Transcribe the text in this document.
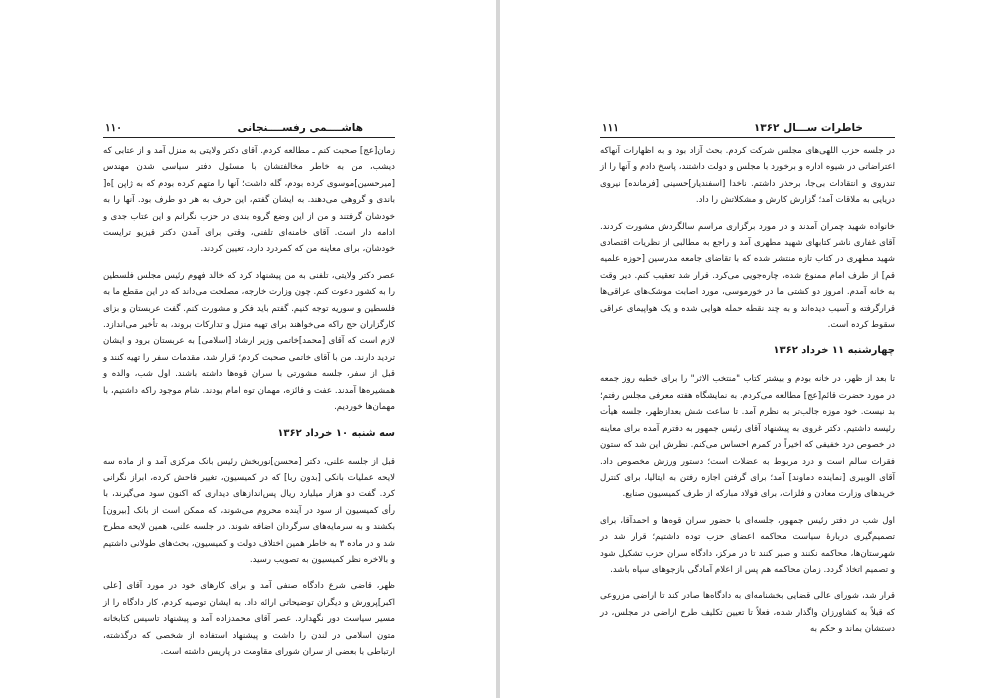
هاشــــمی رفســــنجانی
۱۱۰

زمان[عج] صحبت کنم ـ مطالعه کردم. آقای دکتر ولایتی به منزل آمد و از عتابی که دیشب، من به خاطر مخالفتشان با مسئول دفتر سیاسی شدن مهندس [میرحسین]موسوی کرده بودم، گله داشت؛ آنها را متهم کرده بودم که به ژاپن ]ه[ باندی و گروهی می‌دهند. به ایشان گفتم، این حرف به هر دو طرف بود. آنها را به خودشان گرفتند و من از این وضع گروه بندی در حزب نگرانم و این عتاب جدی و ادامه دار است. آقای خامنه‌ای تلفنی، وقتی برای آمدن دکتر قیزیو ترایست خودشان، برای معاینه من که کمردرد دارد، تعیین کردند.

عصر دکتر ولایتی، تلفنی به من پیشنهاد کرد که خالد فهوم رئیس مجلس فلسطین را به کشور دعوت کنم. چون وزارت خارجه، مصلحت می‌داند که در این مقطع ما به فلسطین و سوریه توجه کنیم. گفتم باید فکر و مشورت کنم. گفت عربستان و بزای کارگزاران حج راکه می‌خواهند برای تهیه منزل و تدارکات بروند، به تأخیر می‌اندازد. لازم است که آقای [محمد]خاتمی وزیر ارشاد [اسلامی] به عربستان برود و ایشان تردید دارند. من با آقای خاتمی صحبت کردم؛ قرار شد، مقدمات سفر را تهیه کنند و قبل از سفر، جلسه مشورتی با سران قوه‌ها داشته باشند. اول شب، والده و همشیره‌ها آمدند. عفت و فائزه، مهمان توه امام بودند. شام موجود راکه داشتیم، با مهمان‌ها خوردیم.

سه شنبه ۱۰ خرداد ۱۳۶۲

قبل از جلسه علنی، دکتر [محسن]نوربخش رئیس بانک مرکزی آمد و از ماده سه لایحه عملیات بانکی [بدون ربا] که در کمیسیون، تغییر فاحش کرده، ابراز نگرانی کرد. گفت دو هزار میلیارد ریال پس‌اندازهای دیداری که اکنون سود می‌گیرند، با رأی کمیسیون از سود در آینده محروم می‌شوند، که ممکن است از بانک [بیرون] بکشند و به سرمایه‌های سرگردان اضافه شوند. در جلسه علنی، همین لایحه مطرح شد و در ماده ۳ به خاطر همین اختلاف دولت و کمیسیون، بحث‌های طولانی داشتیم و بالاخره نظر کمیسیون به تصویب رسید.

ظهر، قاضی شرع دادگاه صنفی آمد و برای کارهای خود در مورد آقای [علی اکبر]پرورش و دیگران توضیحاتی ارائه داد. به ایشان توصیه کردم، کار دادگاه را از مسیر سیاست دور نگهدارد. عصر آقای محمدزاده آمد و پیشنهاد تاسیس کتابخانه متون اسلامی در لندن را داشت و پیشنهاد استفاده از شخصی که درگذشته، ارتباطی با بعضی از سران شورای مقاومت در پاریس داشته است.

خاطرات ســـال ۱۳۶۲
۱۱۱

در جلسه حزب اللهی‌های مجلس شرکت کردم. بحث آزاد بود و به اظهارات آنهاکه اعتراضاتی در شیوه اداره و برخورد با مجلس و دولت داشتند، پاسخ دادم و آنها را از تندروی و انتقادات بی‌جا، برحذر داشتم. ناخدا [اسفندیار]حسینی [فرمانده] نیروی دریایی به ملاقات آمد؛ گزارش کارش و مشکلاتش را داد.

خانواده شهید چمران آمدند و در مورد برگزاری مراسم سالگردش مشورت کردند. آقای غفاری ناشر کتابهای شهید مطهری آمد و راجع به مطالبی از نظریات اقتصادی شهید مطهری در کتاب تازه منتشر شده که با تقاضای جامعه مدرسین [حوزه علمیه قم] از طرف امام ممنوع شده، چاره‌جویی می‌کرد. قرار شد تعقیب کنم. دیر وقت به خانه آمدم. امروز دو کشتی ما در خورموسی، مورد اصابت موشک‌های عراقی‌ها قرارگرفته و آسیب دیده‌اند و به چند نقطه حمله هوایی شده و یک هواپیمای عراقی سقوط کرده است.

چهارشنبه ۱۱ خرداد ۱۳۶۲

تا بعد از ظهر، در خانه بودم و بیشتر کتاب "منتخب الاثر" را برای خطبه روز جمعه در مورد حضرت قائم[عج] مطالعه می‌کردم. به نمایشگاه هفته معرفی مجلس رفتم؛ بد نیست. خود موزه جالب‌تر به نظرم آمد. تا ساعت شش بعدازظهر، جلسه هیأت رئیسه داشتیم. دکتر غروی به پیشنهاد آقای رئیس جمهور به دفترم آمده برای معاینه در خصوص درد خفیفی که اخیراً در کمرم احساس می‌کنم. نظرش این شد که ستون فقرات سالم است و درد مربوط به عضلات است؛ دستور ورزش مخصوص داد. آقای الوبیری [نماینده دماوند] آمد؛ برای گرفتن اجازه رفتن به ایتالیا، برای کنترل خریدهای وزارت معادن و فلزات، برای فولاد مبارکه از طرف کمیسیون صنایع.

اول شب در دفتر رئیس جمهور، جلسه‌ای با حضور سران قوه‌ها و احمدآقا، برای تصمیم‌گیری دربارهٔ سیاست محاکمه اعضای حزب توده داشتیم؛ قرار شد در شهرستان‌ها، محاکمه نکنند و صبر کنند تا در مرکز، دادگاه سران حزب تشکیل شود و تصمیم اتخاذ گردد. زمان محاکمه هم پس از اعلام آمادگی بازجوهای سپاه باشد.

قرار شد، شورای عالی قضایی بخشنامه‌ای به دادگاه‌ها صادر کند تا اراضی مزروعی که قبلاً به کشاورزان واگذار شده، فعلاً تا تعیین تکلیف طرح اراضی در مجلس، در دستشان بماند و حکم به
